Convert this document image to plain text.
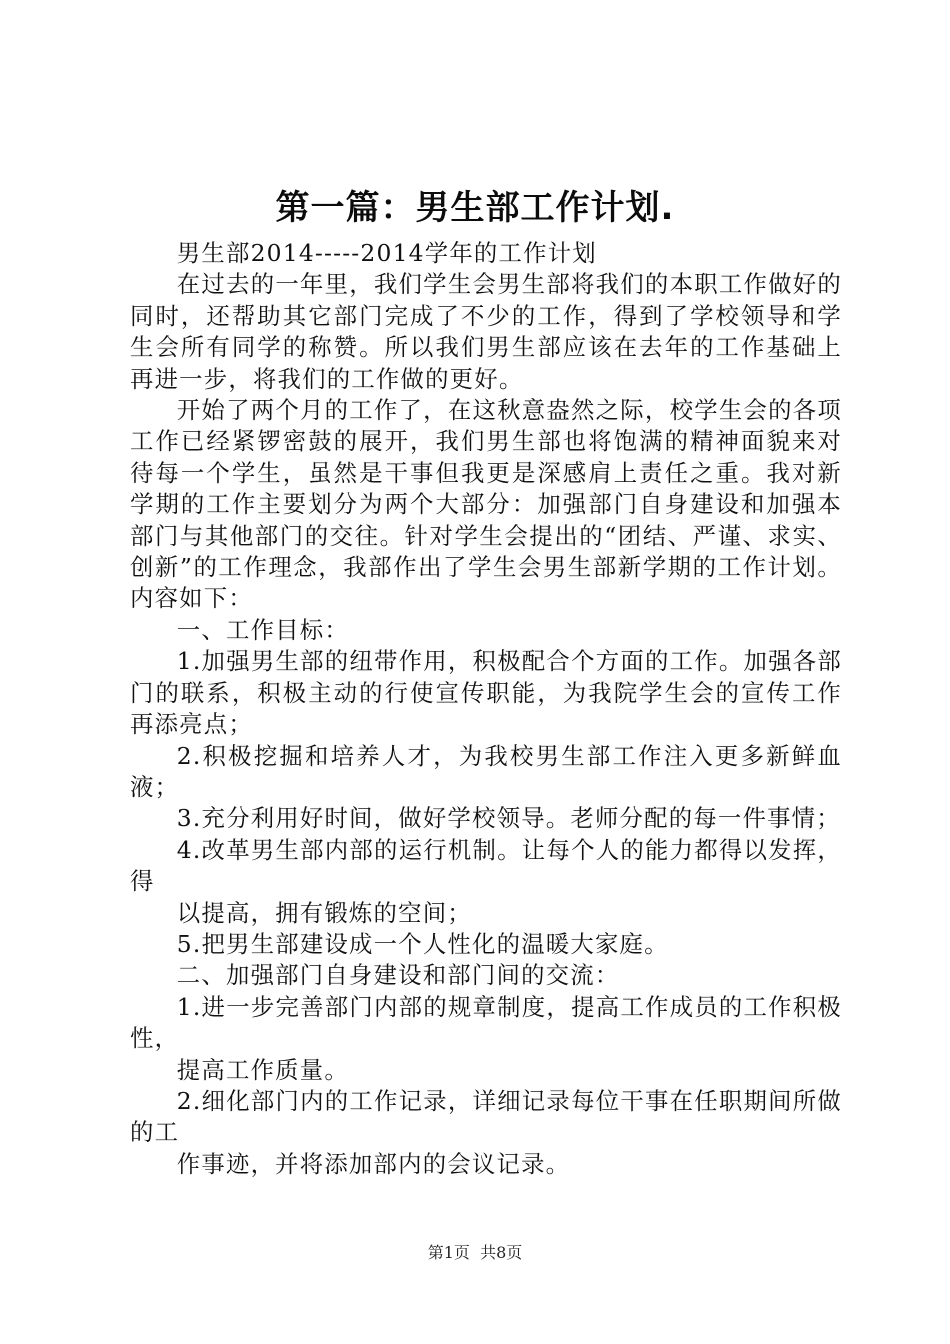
第一篇：男生部工作计划.

男生部2014-----2014学年的工作计划

在过去的一年里，我们学生会男生部将我们的本职工作做好的同时，还帮助其它部门完成了不少的工作，得到了学校领导和学生会所有同学的称赞。所以我们男生部应该在去年的工作基础上再进一步，将我们的工作做的更好。

开始了两个月的工作了，在这秋意盎然之际，校学生会的各项工作已经紧锣密鼓的展开，我们男生部也将饱满的精神面貌来对待每一个学生，虽然是干事但我更是深感肩上责任之重。我对新学期的工作主要划分为两个大部分：加强部门自身建设和加强本部门与其他部门的交往。针对学生会提出的“团结、严谨、求实、创新”的工作理念，我部作出了学生会男生部新学期的工作计划。内容如下：

一、工作目标：

1.加强男生部的纽带作用，积极配合个方面的工作。加强各部门的联系，积极主动的行使宣传职能，为我院学生会的宣传工作再添亮点；

2.积极挖掘和培养人才，为我校男生部工作注入更多新鲜血液；

3.充分利用好时间，做好学校领导。老师分配的每一件事情；

4.改革男生部内部的运行机制。让每个人的能力都得以发挥，得

以提高，拥有锻炼的空间；

5.把男生部建设成一个人性化的温暖大家庭。

二、加强部门自身建设和部门间的交流：

1.进一步完善部门内部的规章制度，提高工作成员的工作积极性，

提高工作质量。

2.细化部门内的工作记录，详细记录每位干事在任职期间所做的工

作事迹，并将添加部内的会议记录。

第1页 共8页
